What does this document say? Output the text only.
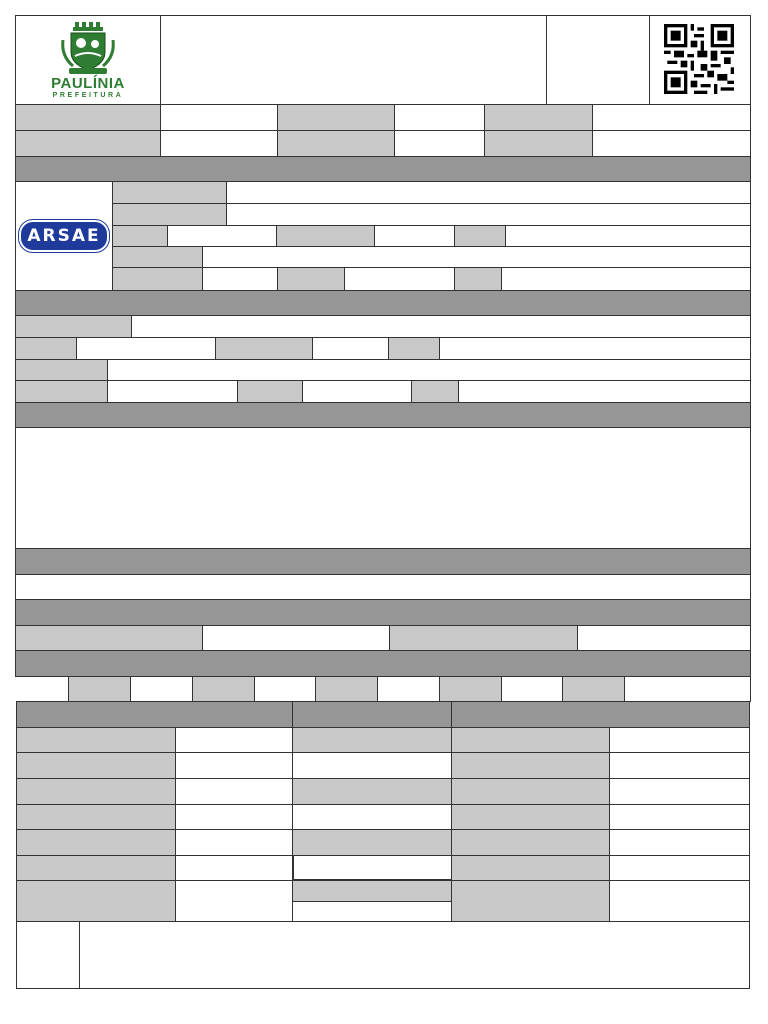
PAULÍNIA
PREFEITURA
ARSAE
